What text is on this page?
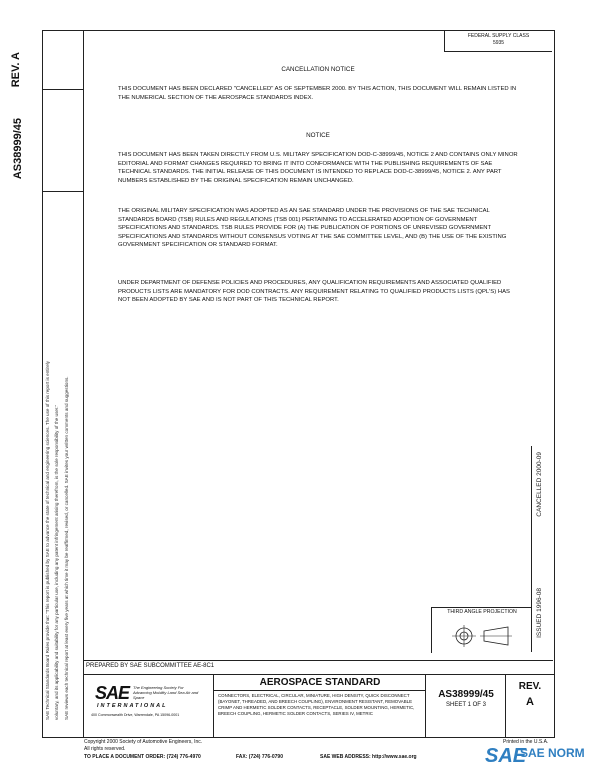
REV. A
AS38999/45
SAE Technical Standards Board Rules provide that: "This report is published by SAE to advance the state of technical and engineering sciences. The use of this report is entirely voluntary, and its applicability and suitability for any particular use, including any patent infringement arising therefrom, is the sole responsibility of the user." SAE reviews each technical report at least every five years at which time it may be reaffirmed, revised, or cancelled. SAE invites your written comments and suggestions.
FEDERAL SUPPLY CLASS
5935
CANCELLATION NOTICE
THIS DOCUMENT HAS BEEN DECLARED "CANCELLED" AS OF SEPTEMBER 2000. BY THIS ACTION, THIS DOCUMENT WILL REMAIN LISTED IN THE NUMERICAL SECTION OF THE AEROSPACE STANDARDS INDEX.
NOTICE
THIS DOCUMENT HAS BEEN TAKEN DIRECTLY FROM U.S. MILITARY SPECIFICATION DOD-C-38999/45, NOTICE 2 AND CONTAINS ONLY MINOR EDITORIAL AND FORMAT CHANGES REQUIRED TO BRING IT INTO CONFORMANCE WITH THE PUBLISHING REQUIREMENTS OF SAE TECHNICAL STANDARDS. THE INITIAL RELEASE OF THIS DOCUMENT IS INTENDED TO REPLACE DOD-C-38999/45, NOTICE 2. ANY PART NUMBERS ESTABLISHED BY THE ORIGINAL SPECIFICATION REMAIN UNCHANGED.
THE ORIGINAL MILITARY SPECIFICATION WAS ADOPTED AS AN SAE STANDARD UNDER THE PROVISIONS OF THE SAE TECHNICAL STANDARDS BOARD (TSB) RULES AND REGULATIONS (TSB 001) PERTAINING TO ACCELERATED ADOPTION OF GOVERNMENT SPECIFICATIONS AND STANDARDS. TSB RULES PROVIDE FOR (A) THE PUBLICATION OF PORTIONS OF UNREVISED GOVERNMENT SPECIFICATIONS AND STANDARDS WITHOUT CONSENSUS VOTING AT THE SAE COMMITTEE LEVEL, AND (B) THE USE OF THE EXISTING GOVERNMENT SPECIFICATION OR STANDARD FORMAT.
UNDER DEPARTMENT OF DEFENSE POLICIES AND PROCEDURES, ANY QUALIFICATION REQUIREMENTS AND ASSOCIATED QUALIFIED PRODUCTS LISTS ARE MANDATORY FOR DOD CONTRACTS. ANY REQUIREMENT RELATING TO QUALIFIED PRODUCTS LISTS (QPL'S) HAS NOT BEEN ADOPTED BY SAE AND IS NOT PART OF THIS TECHNICAL REPORT.
CANCELLED 2000-09
ISSUED 1996-08
THIRD ANGLE PROJECTION
PREPARED BY SAE SUBCOMMITTEE AE-8C1
SAE The Engineering Society For Advancing Mobility Land Sea Air and Space
INTERNATIONAL
400 Commonwealth Drive, Warrendale, PA 15096-0001
AEROSPACE STANDARD
CONNECTORS, ELECTRICAL, CIRCULAR, MINIATURE, HIGH DENSITY, QUICK DISCONNECT (BAYONET, THREADED, AND BREECH COUPLING), ENVIRONMENT RESISTANT, REMOVABLE CRIMP AND HERMETIC SOLDER CONTACTS, RECEPTACLE, SOLDER MOUNTING, HERMETIC, BREECH COUPLING, HERMETIC SOLDER CONTACTS, SERIES IV, METRIC
AS38999/45
SHEET 1 OF 3
REV.
A
Copyright 2000 Society of Automotive Engineers, Inc.
All rights reserved.
Printed in the U.S.A.
TO PLACE A DOCUMENT ORDER: (724) 776-4970	FAX: (724) 776-0790	SAE WEB ADDRESS: http://www.sae.org	SAE
SAE NORM
